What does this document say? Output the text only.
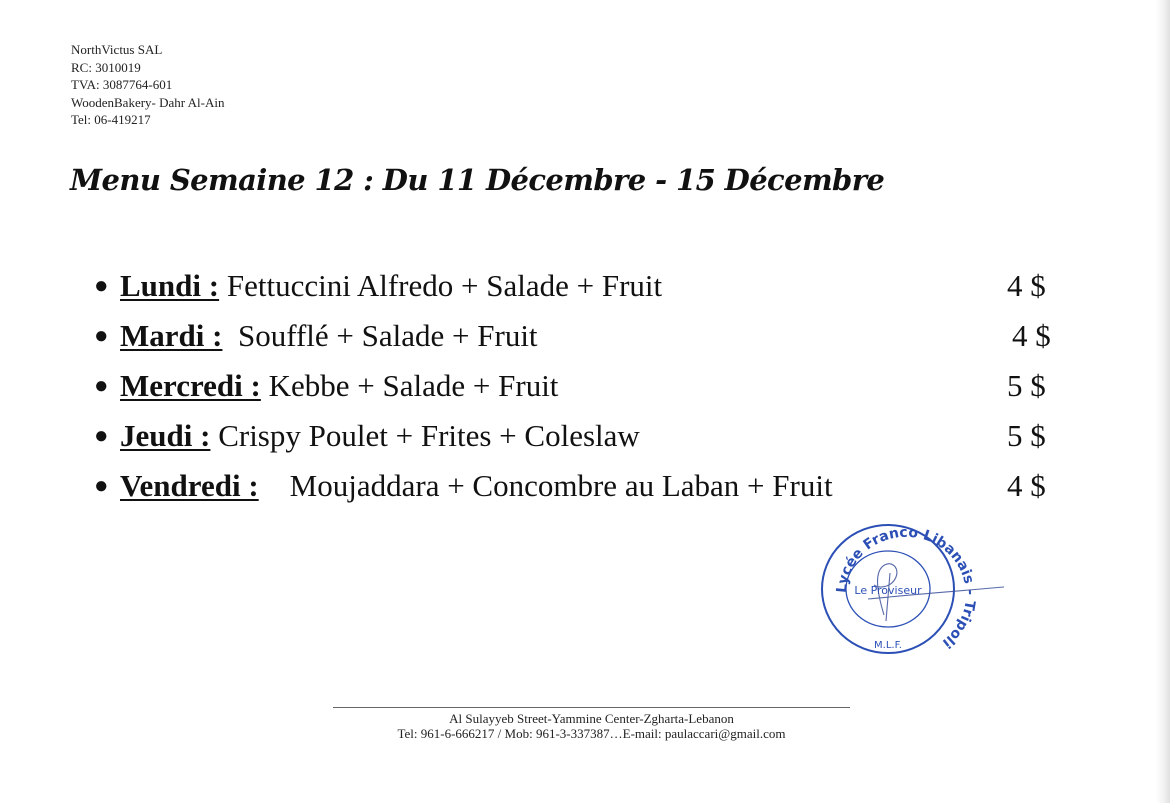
NorthVictus SAL
RC: 3010019
TVA: 3087764-601
WoodenBakery- Dahr Al-Ain
Tel: 06-419217
Menu Semaine 12 : Du 11 Décembre - 15 Décembre
● Lundi : Fettuccini Alfredo + Salade + Fruit	4 $
● Mardi : Soufflé + Salade + Fruit	4 $
● Mercredi : Kebbe + Salade + Fruit	5 $
● Jeudi : Crispy Poulet + Frites + Coleslaw	5 $
● Vendredi : Moujaddara + Concombre au Laban + Fruit	4 $
Lycée Franco Libanais - Tripoli
Le Proviseur
M.L.F.
Al Sulayyeb Street-Yammine Center-Zgharta-Lebanon
Tel: 961-6-666217 / Mob: 961-3-337387…E-mail: paulaccari@gmail.com
